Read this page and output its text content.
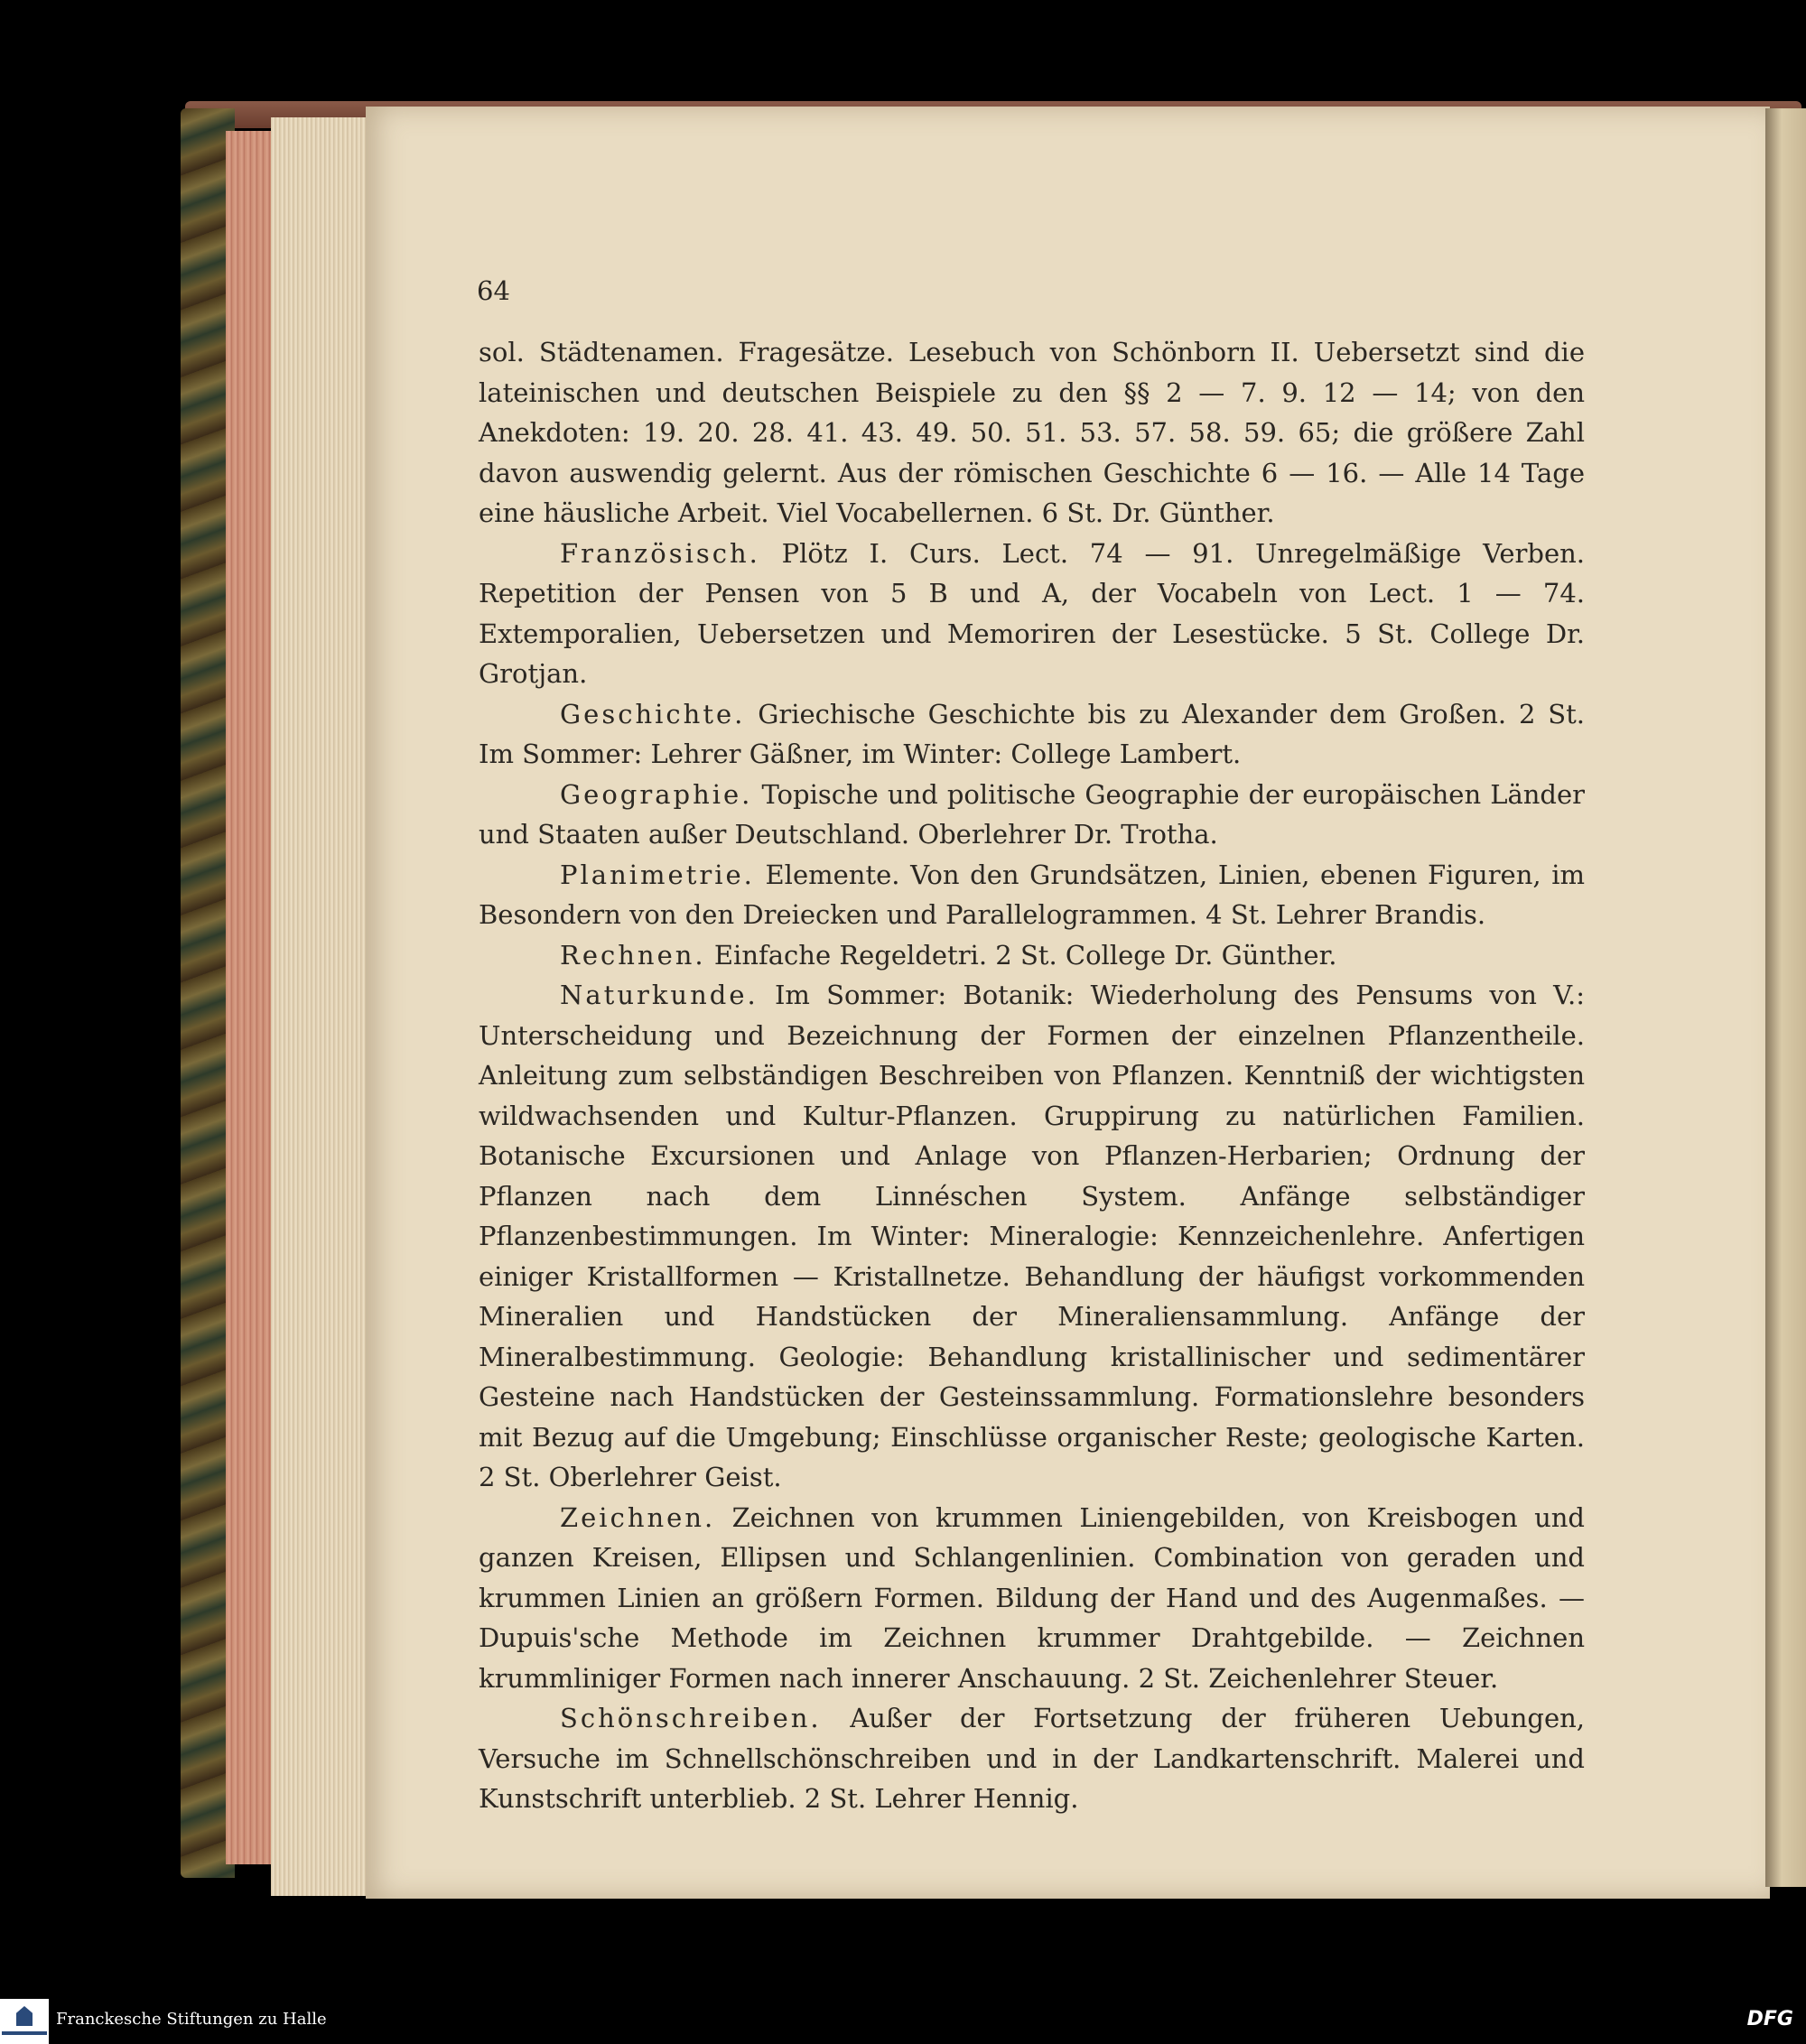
64

sol. Städtenamen. Fragesätze. Lesebuch von Schönborn II. Uebersetzt sind die lateinischen und deutschen Beispiele zu den §§ 2 — 7. 9. 12 — 14; von den Anekdoten: 19. 20. 28. 41. 43. 49. 50. 51. 53. 57. 58. 59. 65; die größere Zahl davon auswendig gelernt. Aus der römischen Geschichte 6 — 16. — Alle 14 Tage eine häusliche Arbeit. Viel Vocabellernen. 6 St. Dr. Günther.

Französisch. Plötz I. Curs. Lect. 74 — 91. Unregelmäßige Verben. Repetition der Pensen von 5 B und A, der Vocabeln von Lect. 1 — 74. Extemporalien, Uebersetzen und Memoriren der Lesestücke. 5 St. College Dr. Grotjan.

Geschichte. Griechische Geschichte bis zu Alexander dem Großen. 2 St. Im Sommer: Lehrer Gäßner, im Winter: College Lambert.

Geographie. Topische und politische Geographie der europäischen Länder und Staaten außer Deutschland. Oberlehrer Dr. Trotha.

Planimetrie. Elemente. Von den Grundsätzen, Linien, ebenen Figuren, im Besondern von den Dreiecken und Parallelogrammen. 4 St. Lehrer Brandis.

Rechnen. Einfache Regeldetri. 2 St. College Dr. Günther.

Naturkunde. Im Sommer: Botanik: Wiederholung des Pensums von V.: Unterscheidung und Bezeichnung der Formen der einzelnen Pflanzentheile. Anleitung zum selbständigen Beschreiben von Pflanzen. Kenntniß der wichtigsten wildwachsenden und Kultur-Pflanzen. Gruppirung zu natürlichen Familien. Botanische Excursionen und Anlage von Pflanzen-Herbarien; Ordnung der Pflanzen nach dem Linnéschen System. Anfänge selbständiger Pflanzenbestimmungen. Im Winter: Mineralogie: Kennzeichenlehre. Anfertigen einiger Kristallformen — Kristallnetze. Behandlung der häufigst vorkommenden Mineralien und Handstücken der Mineraliensammlung. Anfänge der Mineralbestimmung. Geologie: Behandlung kristallinischer und sedimentärer Gesteine nach Handstücken der Gesteinssammlung. Formationslehre besonders mit Bezug auf die Umgebung; Einschlüsse organischer Reste; geologische Karten. 2 St. Oberlehrer Geist.

Zeichnen. Zeichnen von krummen Liniengebilden, von Kreisbogen und ganzen Kreisen, Ellipsen und Schlangenlinien. Combination von geraden und krummen Linien an größern Formen. Bildung der Hand und des Augenmaßes. — Dupuis'sche Methode im Zeichnen krummer Drahtgebilde. — Zeichnen krummliniger Formen nach innerer Anschauung. 2 St. Zeichenlehrer Steuer.

Schönschreiben. Außer der Fortsetzung der früheren Uebungen, Versuche im Schnellschönschreiben und in der Landkartenschrift. Malerei und Kunstschrift unterblieb. 2 St. Lehrer Hennig.

Franckesche Stiftungen zu Halle	DFG
